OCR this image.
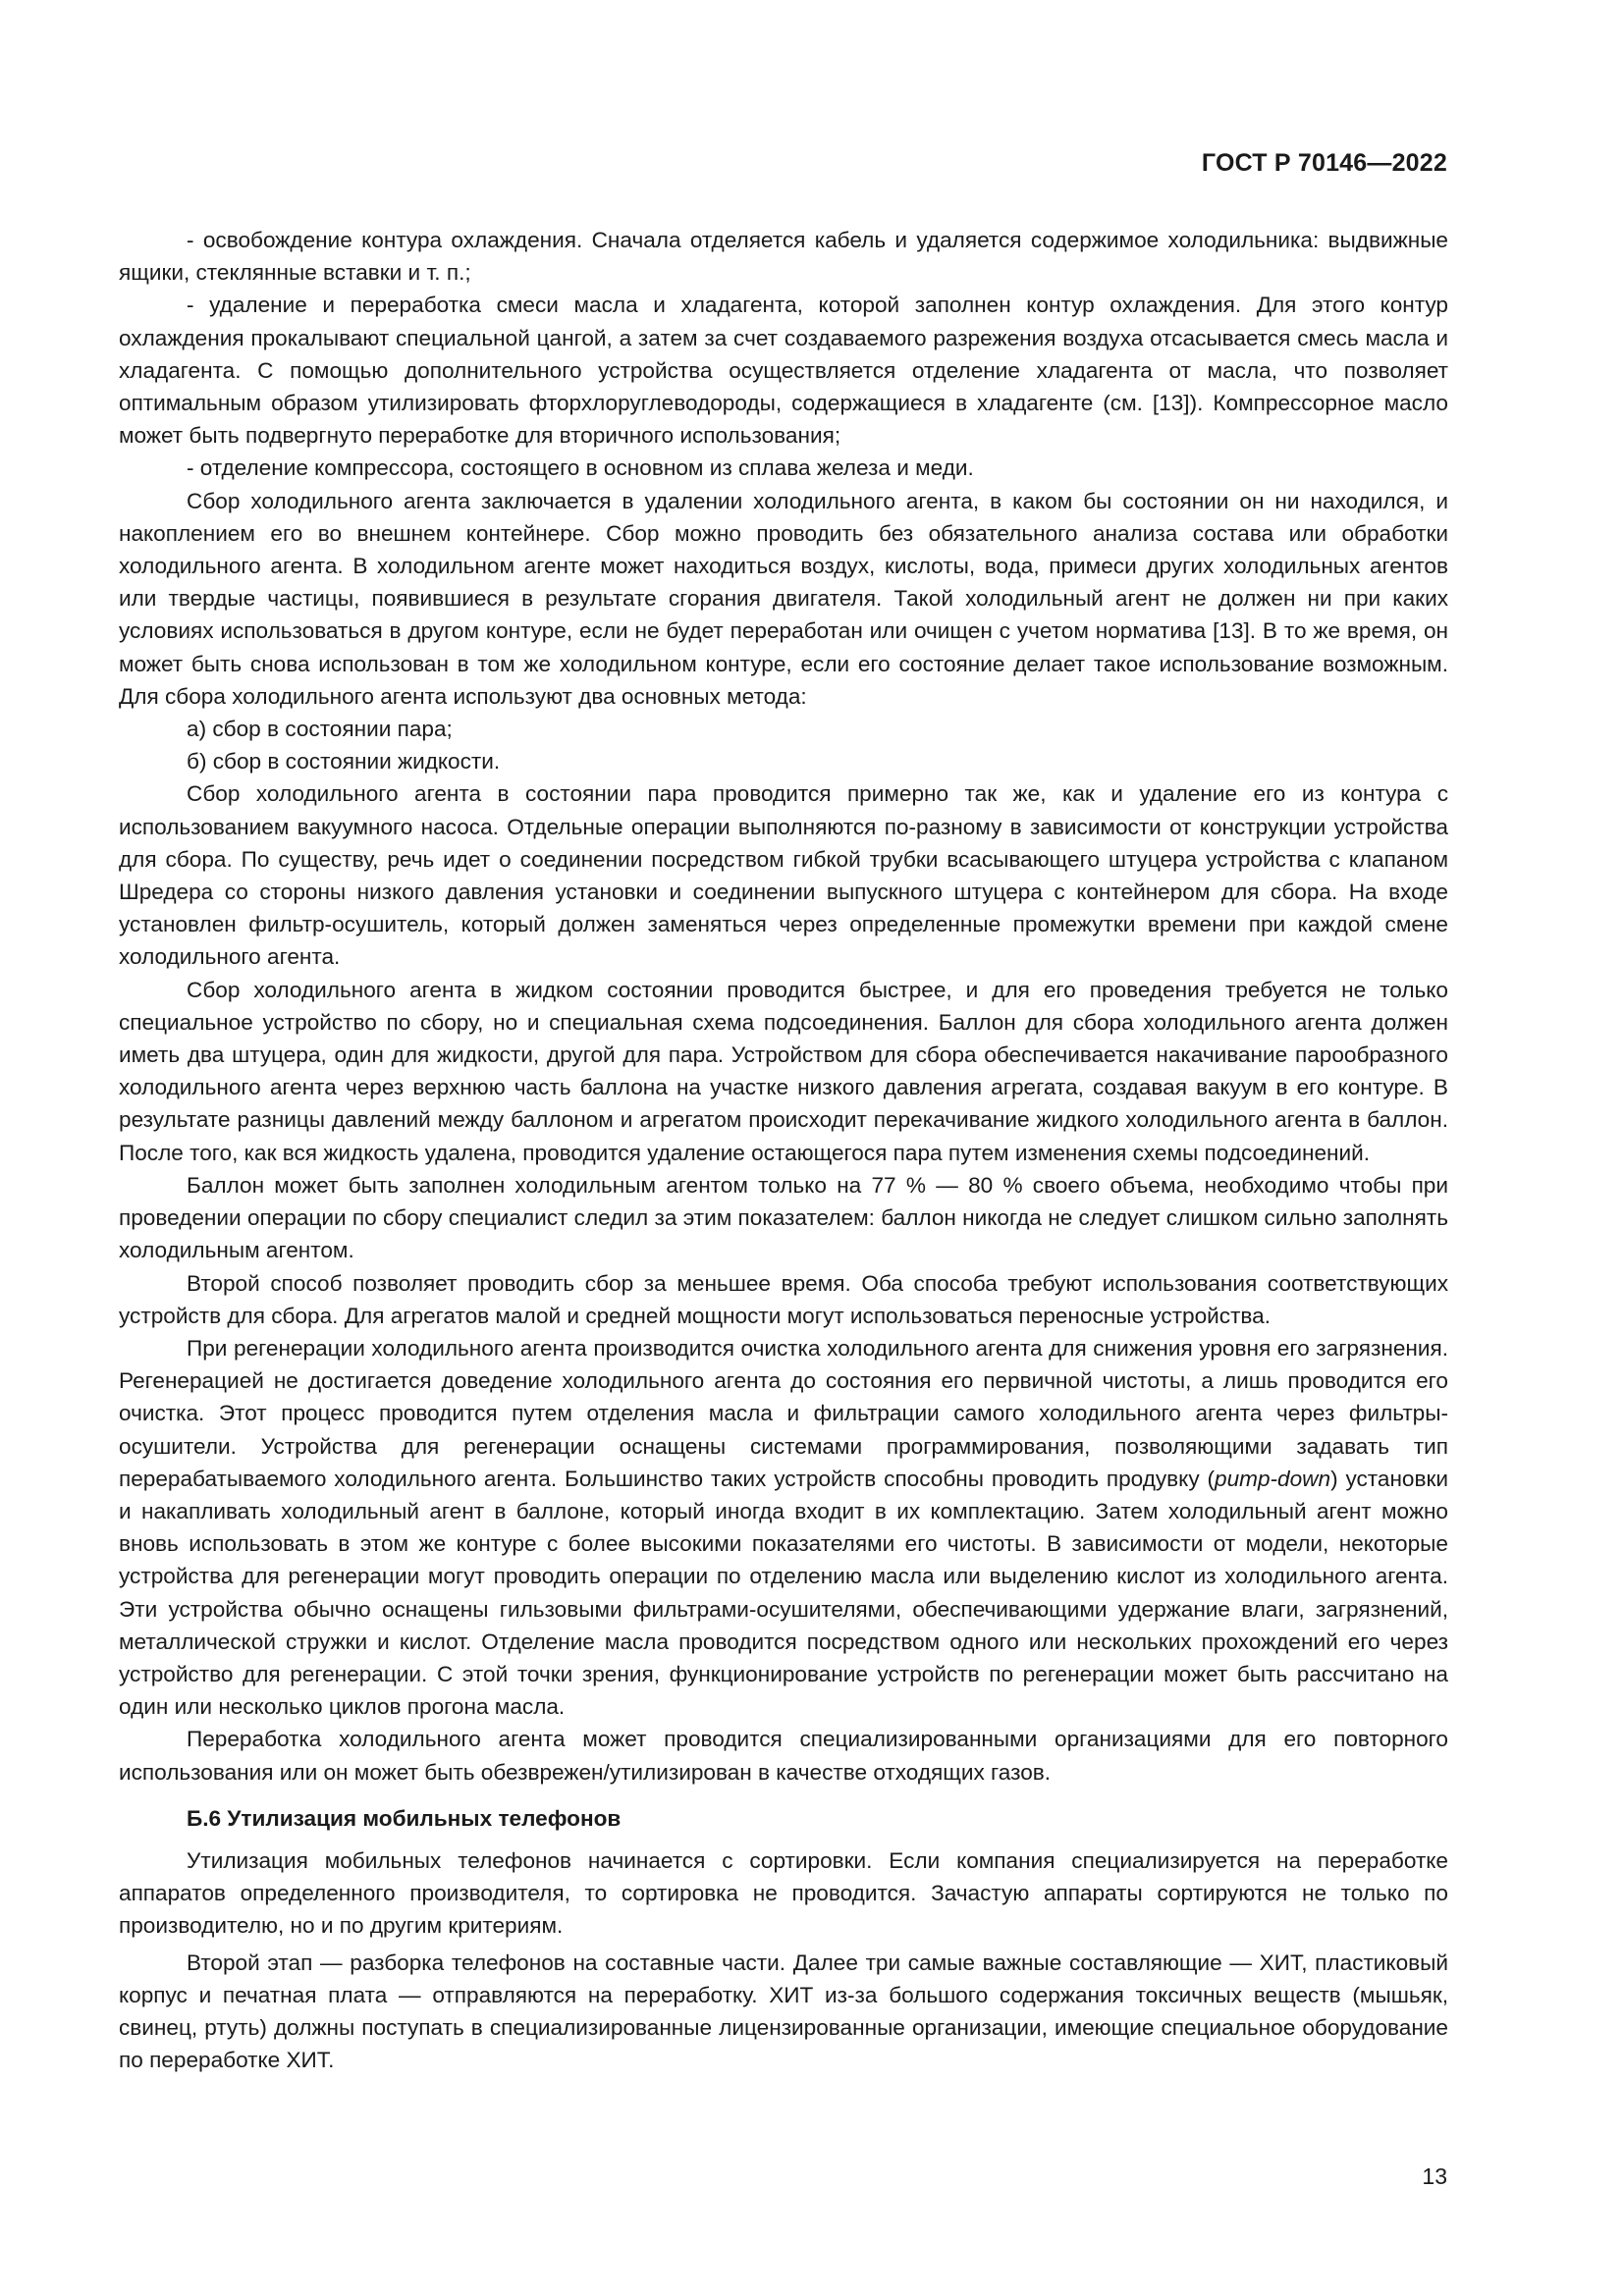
ГОСТ Р 70146—2022

- освобождение контура охлаждения. Сначала отделяется кабель и удаляется содержимое холодильника: выдвижные ящики, стеклянные вставки и т. п.;

- удаление и переработка смеси масла и хладагента, которой заполнен контур охлаждения. Для этого контур охлаждения прокалывают специальной цангой, а затем за счет создаваемого разрежения воздуха отсасывается смесь масла и хладагента. С помощью дополнительного устройства осуществляется отделение хладагента от масла, что позволяет оптимальным образом утилизировать фторхлоруглеводороды, содержащиеся в хладагенте (см. [13]). Компрессорное масло может быть подвергнуто переработке для вторичного использования;

- отделение компрессора, состоящего в основном из сплава железа и меди.

Сбор холодильного агента заключается в удалении холодильного агента, в каком бы состоянии он ни находился, и накоплением его во внешнем контейнере. Сбор можно проводить без обязательного анализа состава или обработки холодильного агента. В холодильном агенте может находиться воздух, кислоты, вода, примеси других холодильных агентов или твердые частицы, появившиеся в результате сгорания двигателя. Такой холодильный агент не должен ни при каких условиях использоваться в другом контуре, если не будет переработан или очищен с учетом норматива [13]. В то же время, он может быть снова использован в том же холодильном контуре, если его состояние делает такое использование возможным. Для сбора холодильного агента используют два основных метода:

а) сбор в состоянии пара;

б) сбор в состоянии жидкости.

Сбор холодильного агента в состоянии пара проводится примерно так же, как и удаление его из контура с использованием вакуумного насоса. Отдельные операции выполняются по-разному в зависимости от конструкции устройства для сбора. По существу, речь идет о соединении посредством гибкой трубки всасывающего штуцера устройства с клапаном Шредера со стороны низкого давления установки и соединении выпускного штуцера с контейнером для сбора. На входе установлен фильтр-осушитель, который должен заменяться через определенные промежутки времени при каждой смене холодильного агента.

Сбор холодильного агента в жидком состоянии проводится быстрее, и для его проведения требуется не только специальное устройство по сбору, но и специальная схема подсоединения. Баллон для сбора холодильного агента должен иметь два штуцера, один для жидкости, другой для пара. Устройством для сбора обеспечивается накачивание парообразного холодильного агента через верхнюю часть баллона на участке низкого давления агрегата, создавая вакуум в его контуре. В результате разницы давлений между баллоном и агрегатом происходит перекачивание жидкого холодильного агента в баллон. После того, как вся жидкость удалена, проводится удаление остающегося пара путем изменения схемы подсоединений.

Баллон может быть заполнен холодильным агентом только на 77 % — 80 % своего объема, необходимо чтобы при проведении операции по сбору специалист следил за этим показателем: баллон никогда не следует слишком сильно заполнять холодильным агентом.

Второй способ позволяет проводить сбор за меньшее время. Оба способа требуют использования соответствующих устройств для сбора. Для агрегатов малой и средней мощности могут использоваться переносные устройства.

При регенерации холодильного агента производится очистка холодильного агента для снижения уровня его загрязнения. Регенерацией не достигается доведение холодильного агента до состояния его первичной чистоты, а лишь проводится его очистка. Этот процесс проводится путем отделения масла и фильтрации самого холодильного агента через фильтры-осушители. Устройства для регенерации оснащены системами программирования, позволяющими задавать тип перерабатываемого холодильного агента. Большинство таких устройств способны проводить продувку (pump-down) установки и накапливать холодильный агент в баллоне, который иногда входит в их комплектацию. Затем холодильный агент можно вновь использовать в этом же контуре с более высокими показателями его чистоты. В зависимости от модели, некоторые устройства для регенерации могут проводить операции по отделению масла или выделению кислот из холодильного агента. Эти устройства обычно оснащены гильзовыми фильтрами-осушителями, обеспечивающими удержание влаги, загрязнений, металлической стружки и кислот. Отделение масла проводится посредством одного или нескольких прохождений его через устройство для регенерации. С этой точки зрения, функционирование устройств по регенерации может быть рассчитано на один или несколько циклов прогона масла.

Переработка холодильного агента может проводится специализированными организациями для его повторного использования или он может быть обезврежен/утилизирован в качестве отходящих газов.

Б.6 Утилизация мобильных телефонов

Утилизация мобильных телефонов начинается с сортировки. Если компания специализируется на переработке аппаратов определенного производителя, то сортировка не проводится. Зачастую аппараты сортируются не только по производителю, но и по другим критериям.

Второй этап — разборка телефонов на составные части. Далее три самые важные составляющие — ХИТ, пластиковый корпус и печатная плата — отправляются на переработку. ХИТ из-за большого содержания токсичных веществ (мышьяк, свинец, ртуть) должны поступать в специализированные лицензированные организации, имеющие специальное оборудование по переработке ХИТ.

13
